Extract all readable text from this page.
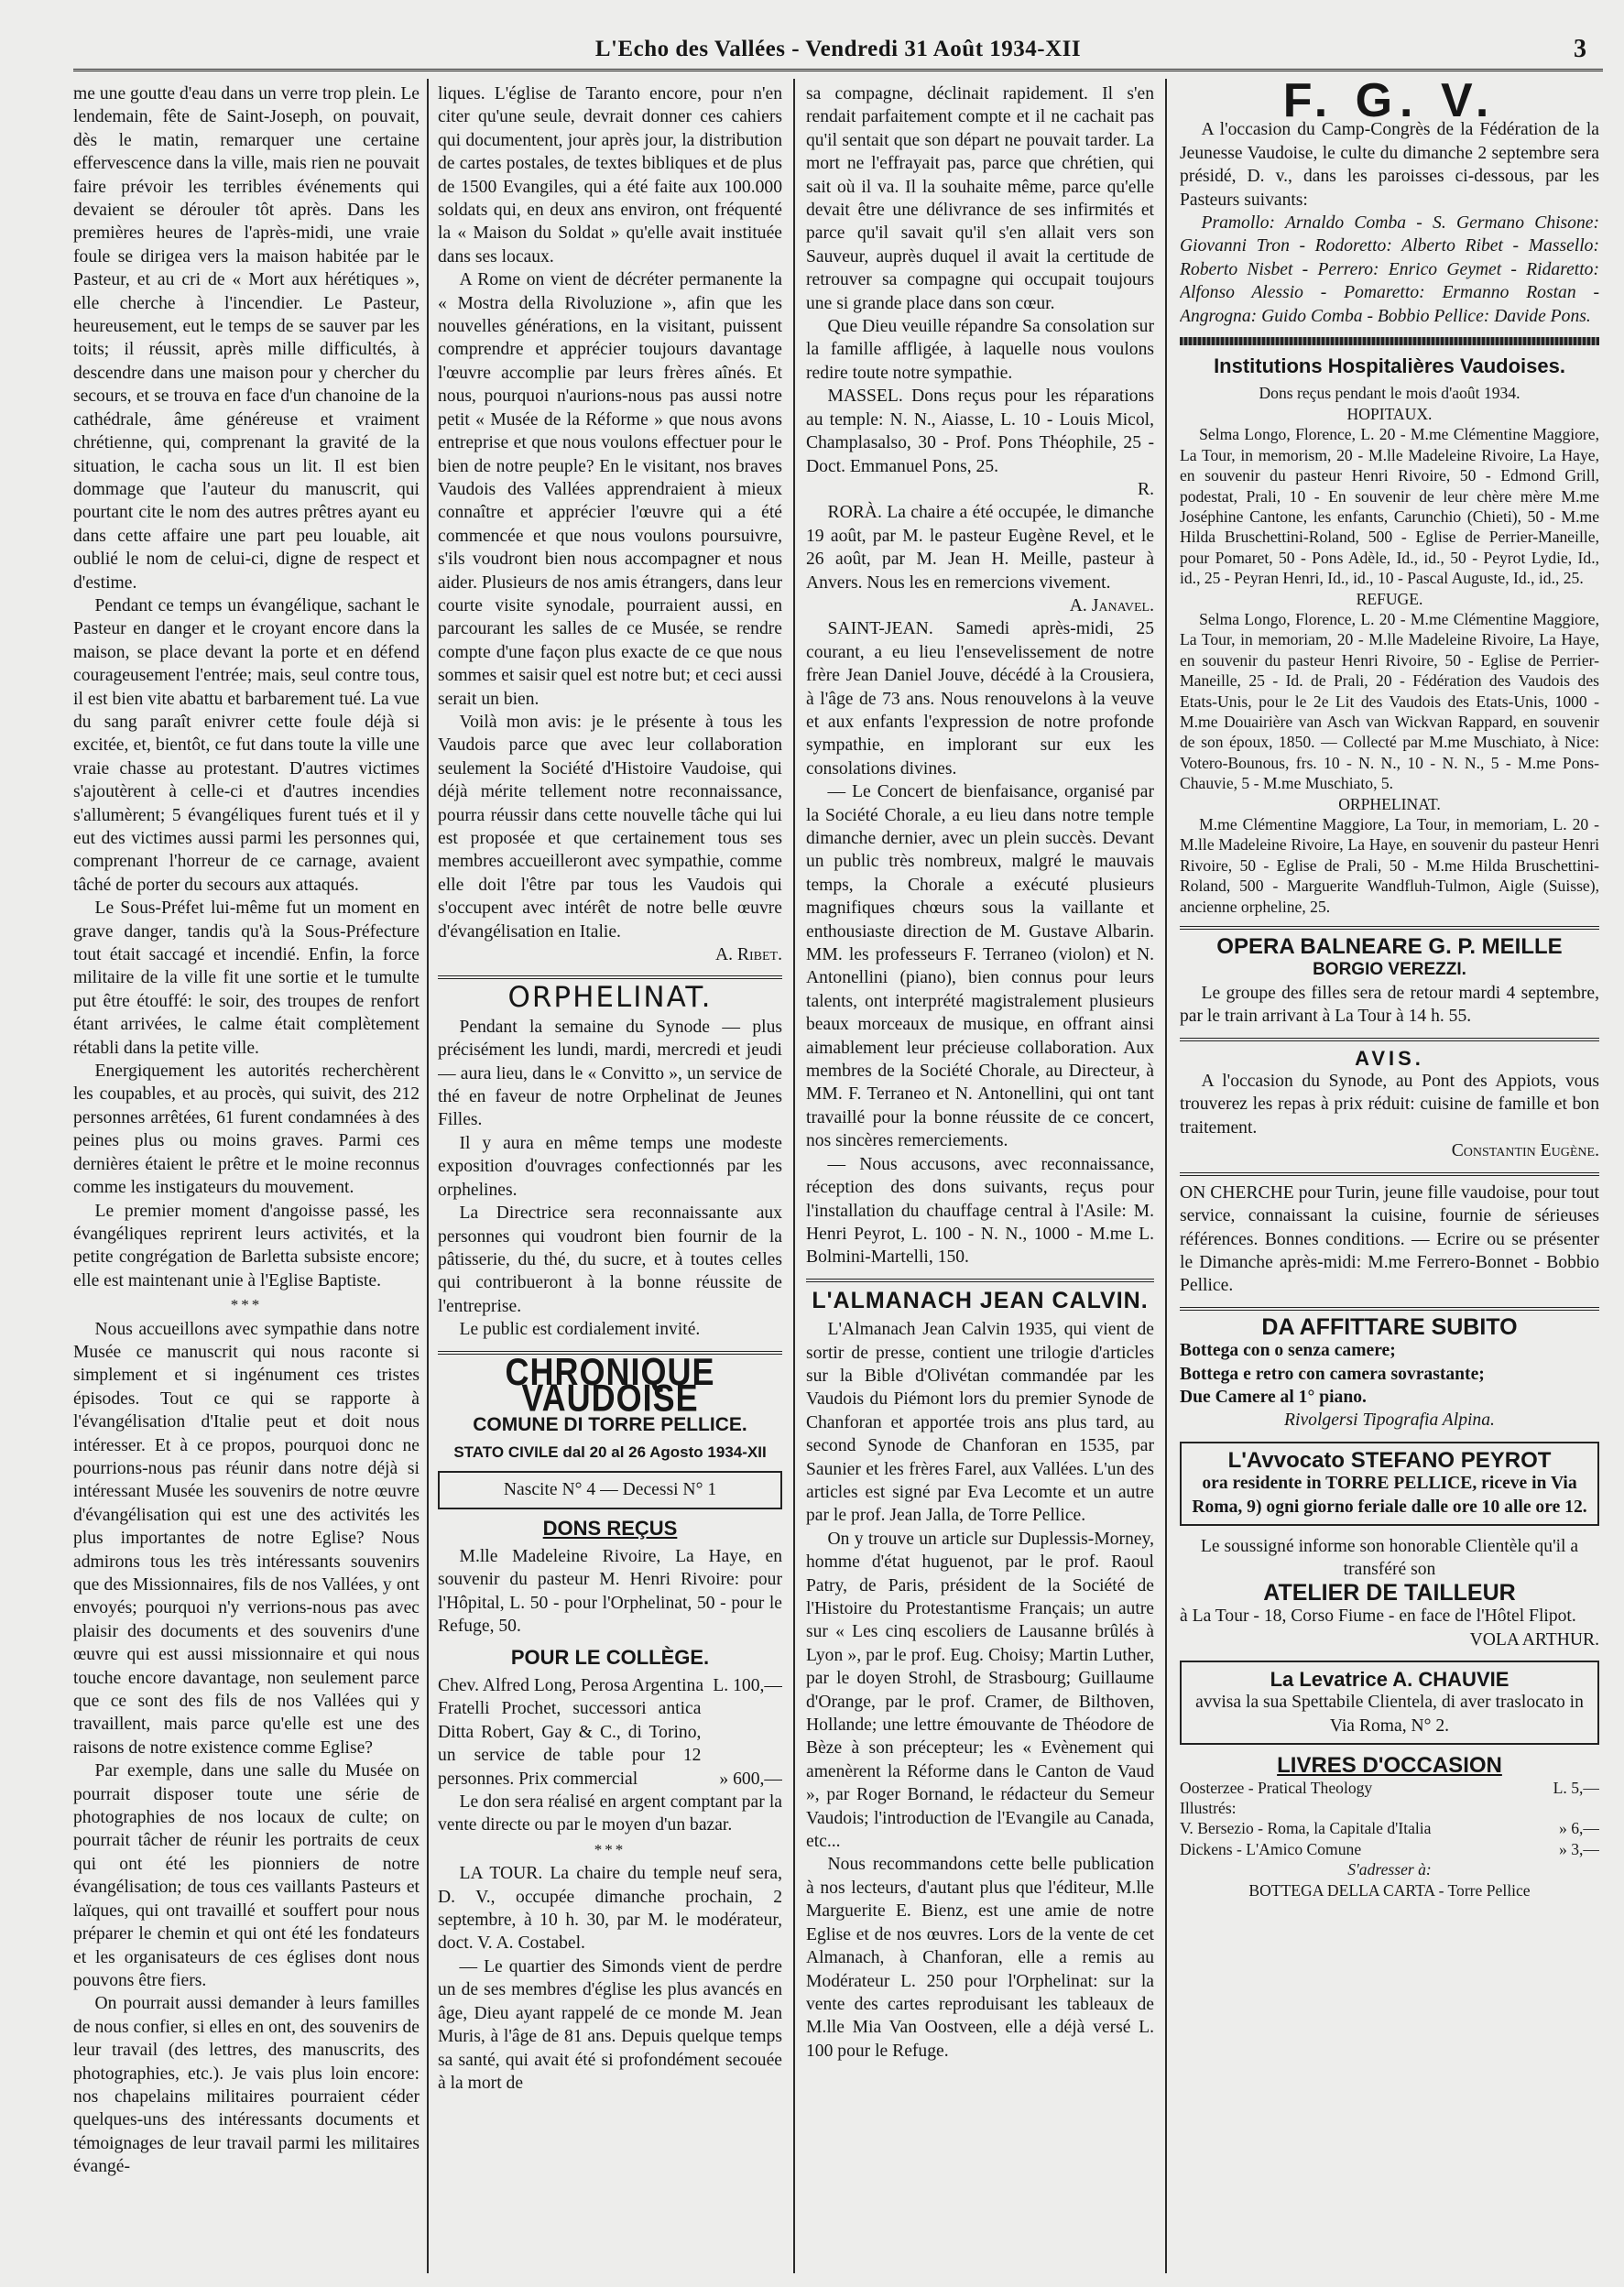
L'Echo des Vallées - Vendredi 31 Août 1934-XII	3

me une goutte d'eau dans un verre trop plein. Le lendemain, fête de Saint-Joseph, on pouvait, dès le matin, remarquer une certaine effervescence dans la ville, mais rien ne pouvait faire prévoir les terribles événements qui devaient se dérouler tôt après. Dans les premières heures de l'après-midi, une vraie foule se dirigea vers la maison habitée par le Pasteur, et au cri de « Mort aux hérétiques », elle cherche à l'incendier. Le Pasteur, heureusement, eut le temps de se sauver par les toits; il réussit, après mille difficultés, à descendre dans une maison pour y chercher du secours, et se trouva en face d'un chanoine de la cathédrale, âme généreuse et vraiment chrétienne, qui, comprenant la gravité de la situation, le cacha sous un lit. Il est bien dommage que l'auteur du manuscrit, qui pourtant cite le nom des autres prêtres ayant eu dans cette affaire une part peu louable, ait oublié le nom de celui-ci, digne de respect et d'estime.

Pendant ce temps un évangélique, sachant le Pasteur en danger et le croyant encore dans la maison, se place devant la porte et en défend courageusement l'entrée; mais, seul contre tous, il est bien vite abattu et barbarement tué. La vue du sang paraît enivrer cette foule déjà si excitée, et, bientôt, ce fut dans toute la ville une vraie chasse au protestant. D'autres victimes s'ajoutèrent à celle-ci et d'autres incendies s'allumèrent; 5 évangéliques furent tués et il y eut des victimes aussi parmi les personnes qui, comprenant l'horreur de ce carnage, avaient tâché de porter du secours aux attaqués.

Le Sous-Préfet lui-même fut un moment en grave danger, tandis qu'à la Sous-Préfecture tout était saccagé et incendié. Enfin, la force militaire de la ville fit une sortie et le tumulte put être étouffé: le soir, des troupes de renfort étant arrivées, le calme était complètement rétabli dans la petite ville.

Energiquement les autorités recherchèrent les coupables, et au procès, qui suivit, des 212 personnes arrêtées, 61 furent condamnées à des peines plus ou moins graves. Parmi ces dernières étaient le prêtre et le moine reconnus comme les instigateurs du mouvement.

Le premier moment d'angoisse passé, les évangéliques reprirent leurs activités, et la petite congrégation de Barletta subsiste encore; elle est maintenant unie à l'Eglise Baptiste.

***

Nous accueillons avec sympathie dans notre Musée ce manuscrit qui nous raconte si simplement et si ingénument ces tristes épisodes. Tout ce qui se rapporte à l'évangélisation d'Italie peut et doit nous intéresser. Et à ce propos, pourquoi donc ne pourrions-nous pas réunir dans notre déjà si intéressant Musée les souvenirs de notre œuvre d'évangélisation qui est une des activités les plus importantes de notre Eglise? Nous admirons tous les très intéressants souvenirs que des Missionnaires, fils de nos Vallées, y ont envoyés; pourquoi n'y verrions-nous pas avec plaisir des documents et des souvenirs d'une œuvre qui est aussi missionnaire et qui nous touche encore davantage, non seulement parce que ce sont des fils de nos Vallées qui y travaillent, mais parce qu'elle est une des raisons de notre existence comme Eglise?

Par exemple, dans une salle du Musée on pourrait disposer toute une série de photographies de nos locaux de culte; on pourrait tâcher de réunir les portraits de ceux qui ont été les pionniers de notre évangélisation; de tous ces vaillants Pasteurs et laïques, qui ont travaillé et souffert pour nous préparer le chemin et qui ont été les fondateurs et les organisateurs de ces églises dont nous pouvons être fiers.

On pourrait aussi demander à leurs familles de nous confier, si elles en ont, des souvenirs de leur travail (des lettres, des manuscrits, des photographies, etc.). Je vais plus loin encore: nos chapelains militaires pourraient céder quelques-uns des intéressants documents et témoignages de leur travail parmi les militaires évangé-

liques. L'église de Taranto encore, pour n'en citer qu'une seule, devrait donner ces cahiers qui documentent, jour après jour, la distribution de cartes postales, de textes bibliques et de plus de 1500 Evangiles, qui a été faite aux 100.000 soldats qui, en deux ans environ, ont fréquenté la « Maison du Soldat » qu'elle avait instituée dans ses locaux.

A Rome on vient de décréter permanente la « Mostra della Rivoluzione », afin que les nouvelles générations, en la visitant, puissent comprendre et apprécier toujours davantage l'œuvre accomplie par leurs frères aînés. Et nous, pourquoi n'aurions-nous pas aussi notre petit « Musée de la Réforme » que nous avons entreprise et que nous voulons effectuer pour le bien de notre peuple? En le visitant, nos braves Vaudois des Vallées apprendraient à mieux connaître et apprécier l'œuvre qui a été commencée et que nous voulons poursuivre, s'ils voudront bien nous accompagner et nous aider. Plusieurs de nos amis étrangers, dans leur courte visite synodale, pourraient aussi, en parcourant les salles de ce Musée, se rendre compte d'une façon plus exacte de ce que nous sommes et saisir quel est notre but; et ceci aussi serait un bien.

Voilà mon avis: je le présente à tous les Vaudois parce que avec leur collaboration seulement la Société d'Histoire Vaudoise, qui déjà mérite tellement notre reconnaissance, pourra réussir dans cette nouvelle tâche qui lui est proposée et que certainement tous ses membres accueilleront avec sympathie, comme elle doit l'être par tous les Vaudois qui s'occupent avec intérêt de notre belle œuvre d'évangélisation en Italie.

A. Ribet.
ORPHELINAT.

Pendant la semaine du Synode — plus précisément les lundi, mardi, mercredi et jeudi — aura lieu, dans le « Convitto », un service de thé en faveur de notre Orphelinat de Jeunes Filles.

Il y aura en même temps une modeste exposition d'ouvrages confectionnés par les orphelines.

La Directrice sera reconnaissante aux personnes qui voudront bien fournir de la pâtisserie, du thé, du sucre, et à toutes celles qui contribueront à la bonne réussite de l'entreprise.

Le public est cordialement invité.

CHRONIQUE VAUDOISE
COMUNE DI TORRE PELLICE.
STATO CIVILE dal 20 al 26 Agosto 1934-XII
Nascite N° 4 — Decessi N° 1
DONS REÇUS

M.lle Madeleine Rivoire, La Haye, en souvenir du pasteur M. Henri Rivoire: pour l'Hôpital, L. 50 - pour l'Orphelinat, 50 - pour le Refuge, 50.

POUR LE COLLÈGE.
Chev. Alfred Long, Perosa Argentina L. 100,—
Fratelli Prochet, successori antica Ditta Robert, Gay & C., di Torino, un service de table pour 12 personnes. Prix commercial	» 600,—

Le don sera réalisé en argent comptant par la vente directe ou par le moyen d'un bazar.

***

LA TOUR. La chaire du temple neuf sera, D. V., occupée dimanche prochain, 2 septembre, à 10 h. 30, par M. le modérateur, doct. V. A. Costabel.

— Le quartier des Simonds vient de perdre un de ses membres d'église les plus avancés en âge, Dieu ayant rappelé de ce monde M. Jean Muris, à l'âge de 81 ans. Depuis quelque temps sa santé, qui avait été si profondément secouée à la mort de

sa compagne, déclinait rapidement. Il s'en rendait parfaitement compte et il ne cachait pas qu'il sentait que son départ ne pouvait tarder. La mort ne l'effrayait pas, parce que chrétien, qui sait où il va. Il la souhaite même, parce qu'elle devait être une délivrance de ses infirmités et parce qu'il savait qu'il s'en allait vers son Sauveur, auprès duquel il avait la certitude de retrouver sa compagne qui occupait toujours une si grande place dans son cœur.

Que Dieu veuille répandre Sa consolation sur la famille affligée, à laquelle nous voulons redire toute notre sympathie.

MASSEL. Dons reçus pour les réparations au temple: N. N., Aiasse, L. 10 - Louis Micol, Champlasalso, 30 - Prof. Pons Théophile, 25 - Doct. Emmanuel Pons, 25.

R.

RORÀ. La chaire a été occupée, le dimanche 19 août, par M. le pasteur Eugène Revel, et le 26 août, par M. Jean H. Meille, pasteur à Anvers. Nous les en remercions vivement.

A. Janavel.

SAINT-JEAN. Samedi après-midi, 25 courant, a eu lieu l'ensevelissement de notre frère Jean Daniel Jouve, décédé à la Crousiera, à l'âge de 73 ans. Nous renouvelons à la veuve et aux enfants l'expression de notre profonde sympathie, en implorant sur eux les consolations divines.

— Le Concert de bienfaisance, organisé par la Société Chorale, a eu lieu dans notre temple dimanche dernier, avec un plein succès. Devant un public très nombreux, malgré le mauvais temps, la Chorale a exécuté plusieurs magnifiques chœurs sous la vaillante et enthousiaste direction de M. Gustave Albarin. MM. les professeurs F. Terraneo (violon) et N. Antonellini (piano), bien connus pour leurs talents, ont interprété magistralement plusieurs beaux morceaux de musique, en offrant ainsi aimablement leur précieuse collaboration. Aux membres de la Société Chorale, au Directeur, à MM. F. Terraneo et N. Antonellini, qui ont tant travaillé pour la bonne réussite de ce concert, nos sincères remerciements.

— Nous accusons, avec reconnaissance, réception des dons suivants, reçus pour l'installation du chauffage central à l'Asile: M. Henri Peyrot, L. 100 - N. N., 1000 - M.me L. Bolmini-Martelli, 150.

L'ALMANACH JEAN CALVIN.

L'Almanach Jean Calvin 1935, qui vient de sortir de presse, contient une trilogie d'articles sur la Bible d'Olivétan commandée par les Vaudois du Piémont lors du premier Synode de Chanforan et apportée trois ans plus tard, au second Synode de Chanforan en 1535, par Saunier et les frères Farel, aux Vallées. L'un des articles est signé par Eva Lecomte et un autre par le prof. Jean Jalla, de Torre Pellice.

On y trouve un article sur Duplessis-Morney, homme d'état huguenot, par le prof. Raoul Patry, de Paris, président de la Société de l'Histoire du Protestantisme Français; un autre sur « Les cinq escoliers de Lausanne brûlés à Lyon », par le prof. Eug. Choisy; Martin Luther, par le doyen Strohl, de Strasbourg; Guillaume d'Orange, par le prof. Cramer, de Bilthoven, Hollande; une lettre émouvante de Théodore de Bèze à son précepteur; les « Evènement qui amenèrent la Réforme dans le Canton de Vaud », par Roger Bornand, le rédacteur du Semeur Vaudois; l'introduction de l'Evangile au Canada, etc...

Nous recommandons cette belle publication à nos lecteurs, d'autant plus que l'éditeur, M.lle Marguerite E. Bienz, est une amie de notre Eglise et de nos œuvres. Lors de la vente de cet Almanach, à Chanforan, elle a remis au Modérateur L. 250 pour l'Orphelinat: sur la vente des cartes reproduisant les tableaux de M.lle Mia Van Oostveen, elle a déjà versé L. 100 pour le Refuge.

F. G. V.

A l'occasion du Camp-Congrès de la Fédération de la Jeunesse Vaudoise, le culte du dimanche 2 septembre sera présidé, D. v., dans les paroisses ci-dessous, par les Pasteurs suivants:

Pramollo: Arnaldo Comba - S. Germano Chisone: Giovanni Tron - Rodoretto: Alberto Ribet - Massello: Roberto Nisbet - Perrero: Enrico Geymet - Ridaretto: Alfonso Alessio - Pomaretto: Ermanno Rostan - Angrogna: Guido Comba - Bobbio Pellice: Davide Pons.

Institutions Hospitalières Vaudoises.
Dons reçus pendant le mois d'août 1934.
HOPITAUX.

Selma Longo, Florence, L. 20 - M.me Clémentine Maggiore, La Tour, in memorism, 20 - M.lle Madeleine Rivoire, La Haye, en souvenir du pasteur Henri Rivoire, 50 - Edmond Grill, podestat, Prali, 10 - En souvenir de leur chère mère M.me Joséphine Cantone, les enfants, Carunchio (Chieti), 50 - M.me Hilda Bruschettini-Roland, 500 - Eglise de Perrier-Maneille, pour Pomaret, 50 - Pons Adèle, Id., id., 50 - Peyrot Lydie, Id., id., 25 - Peyran Henri, Id., id., 10 - Pascal Auguste, Id., id., 25.

REFUGE.

Selma Longo, Florence, L. 20 - M.me Clémentine Maggiore, La Tour, in memoriam, 20 - M.lle Madeleine Rivoire, La Haye, en souvenir du pasteur Henri Rivoire, 50 - Eglise de Perrier-Maneille, 25 - Id. de Prali, 20 - Fédération des Vaudois des Etats-Unis, pour le 2e Lit des Vaudois des Etats-Unis, 1000 - M.me Douairière van Asch van Wickvan Rappard, en souvenir de son époux, 1850. — Collecté par M.me Muschiato, à Nice: Votero-Bounous, frs. 10 - N. N., 10 - N. N., 5 - M.me Pons-Chauvie, 5 - M.me Muschiato, 5.

ORPHELINAT.

M.me Clémentine Maggiore, La Tour, in memoriam, L. 20 - M.lle Madeleine Rivoire, La Haye, en souvenir du pasteur Henri Rivoire, 50 - Eglise de Prali, 50 - M.me Hilda Bruschettini-Roland, 500 - Marguerite Wandfluh-Tulmon, Aigle (Suisse), ancienne orpheline, 25.

OPERA BALNEARE G. P. MEILLE
BORGIO VEREZZI.

Le groupe des filles sera de retour mardi 4 septembre, par le train arrivant à La Tour à 14 h. 55.

AVIS.

A l'occasion du Synode, au Pont des Appiots, vous trouverez les repas à prix réduit: cuisine de famille et bon traitement.

Constantin Eugène.

ON CHERCHE pour Turin, jeune fille vaudoise, pour tout service, connaissant la cuisine, fournie de sérieuses références. Bonnes conditions. — Ecrire ou se présenter le Dimanche après-midi: M.me Ferrero-Bonnet - Bobbio Pellice.

DA AFFITTARE SUBITO
Bottega con o senza camere;
Bottega e retro con camera sovrastante;
Due Camere al 1° piano.
Rivolgersi Tipografia Alpina.
L'Avvocato STEFANO PEYROT
ora residente in TORRE PELLICE, riceve in Via Roma, 9) ogni giorno feriale dalle ore 10 alle ore 12.

Le soussigné informe son honorable Clientèle qu'il a transféré son

ATELIER DE TAILLEUR
à La Tour - 18, Corso Fiume - en face de l'Hôtel Flipot.
VOLA ARTHUR.
La Levatrice A. CHAUVIE
avvisa la sua Spettabile Clientela, di aver traslocato in Via Roma, N° 2.
LIVRES D'OCCASION
Oosterzee - Pratical Theology	L. 5,—
Illustrés:
V. Bersezio - Roma, la Capitale d'Italia	» 6,—
Dickens - L'Amico Comune	» 3,—
S'adresser à:
BOTTEGA DELLA CARTA - Torre Pellice
